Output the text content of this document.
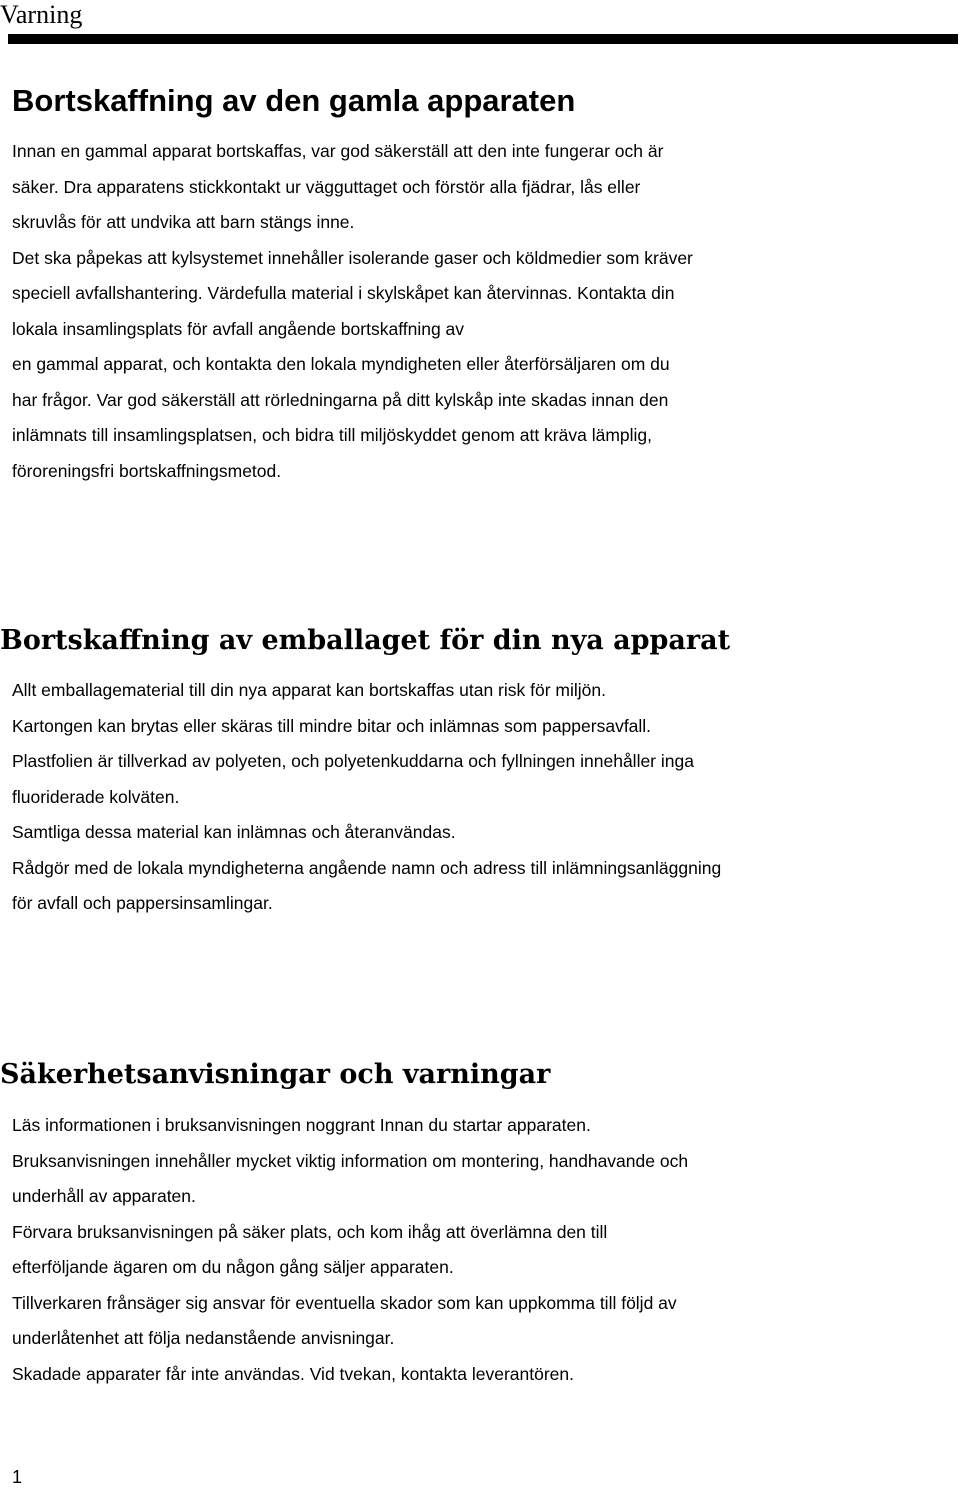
Varning
Bortskaffning av den gamla apparaten
Innan en gammal apparat bortskaffas, var god säkerställ att den inte fungerar och är
säker. Dra apparatens stickkontakt ur vägguttaget och förstör alla fjädrar, lås eller
skruvlås för att undvika att barn stängs inne.
Det ska påpekas att kylsystemet innehåller isolerande gaser och köldmedier som kräver
speciell avfallshantering. Värdefulla material i skylskåpet kan återvinnas. Kontakta din
lokala insamlingsplats för avfall angående bortskaffning av
en gammal apparat, och kontakta den lokala myndigheten eller återförsäljaren om du
har frågor. Var god säkerställ att rörledningarna på ditt kylskåp inte skadas innan den
inlämnats till insamlingsplatsen, och bidra till miljöskyddet genom att kräva lämplig,
föroreningsfri bortskaffningsmetod.
Bortskaffning av emballaget för din nya apparat
Allt emballagematerial till din nya apparat kan bortskaffas utan risk för miljön.
Kartongen kan brytas eller skäras till mindre bitar och inlämnas som pappersavfall.
Plastfolien är tillverkad av polyeten, och polyetenkuddarna och fyllningen innehåller inga
fluoriderade kolväten.
Samtliga dessa material kan inlämnas och återanvändas.
Rådgör med de lokala myndigheterna angående namn och adress till inlämningsanläggning
för avfall och pappersinsamlingar.
Säkerhetsanvisningar och varningar
Läs informationen i bruksanvisningen noggrant Innan du startar apparaten.
Bruksanvisningen innehåller mycket viktig information om montering, handhavande och
underhåll av apparaten.
Förvara bruksanvisningen på säker plats, och kom ihåg att överlämna den till
efterföljande ägaren om du någon gång säljer apparaten.
Tillverkaren frånsäger sig ansvar för eventuella skador som kan uppkomma till följd av
underlåtenhet att följa nedanstående anvisningar.
Skadade apparater får inte användas. Vid tvekan, kontakta leverantören.
1
